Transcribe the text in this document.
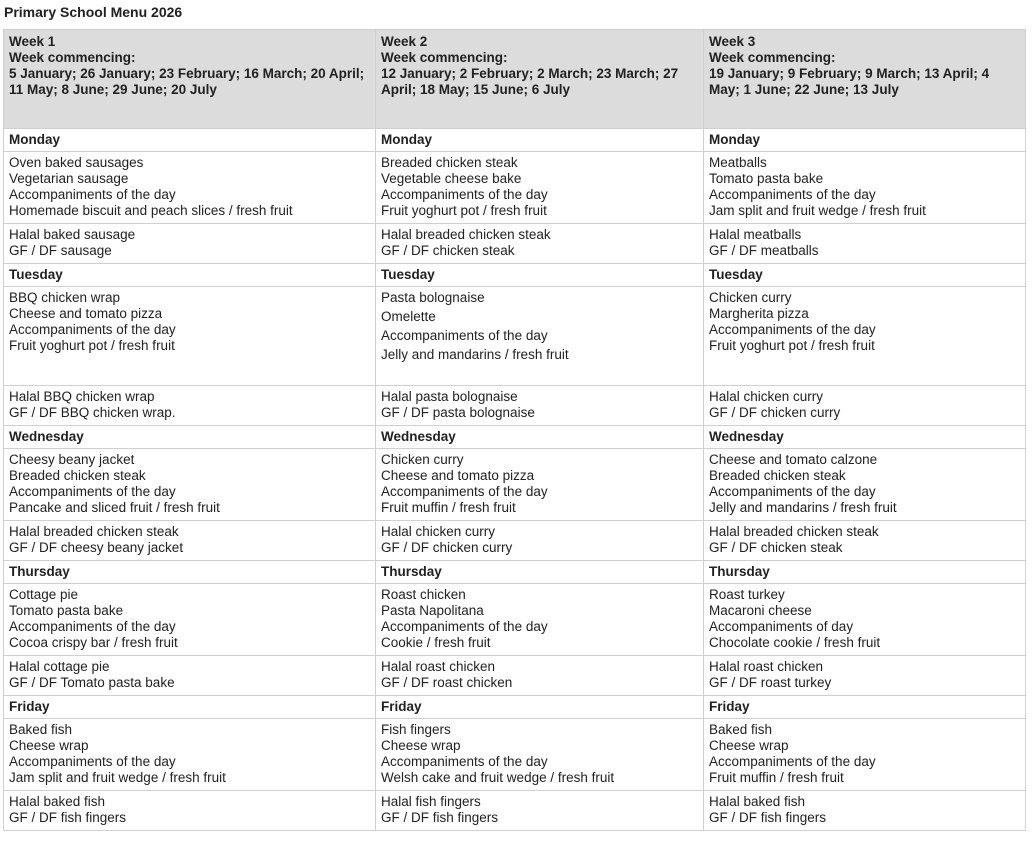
Primary School Menu 2026
Week 1
Week commencing:
5 January; 26 January; 23 February; 16 March; 20 April; 11 May; 8 June; 29 June; 20 July	Week 2
Week commencing:
12 January; 2 February; 2 March; 23 March; 27 April; 18 May; 15 June; 6 July	Week 3
Week commencing:
19 January; 9 February; 9 March; 13 April; 4 May; 1 June; 22 June; 13 July

Monday	Monday	Monday

Oven baked sausages
Vegetarian sausage
Accompaniments of the day
Homemade biscuit and peach slices / fresh fruit	Breaded chicken steak
Vegetable cheese bake
Accompaniments of the day
Fruit yoghurt pot / fresh fruit	Meatballs
Tomato pasta bake
Accompaniments of the day
Jam split and fruit wedge / fresh fruit

Halal baked sausage
GF / DF sausage	Halal breaded chicken steak
GF / DF chicken steak	Halal meatballs
GF / DF meatballs

Tuesday	Tuesday	Tuesday

BBQ chicken wrap
Cheese and tomato pizza
Accompaniments of the day
Fruit yoghurt pot / fresh fruit	Pasta bolognaise
Omelette
Accompaniments of the day
Jelly and mandarins / fresh fruit	Chicken curry
Margherita pizza
Accompaniments of the day
Fruit yoghurt pot / fresh fruit

Halal BBQ chicken wrap
GF / DF BBQ chicken wrap.	Halal pasta bolognaise
GF / DF pasta bolognaise	Halal chicken curry
GF / DF chicken curry

Wednesday	Wednesday	Wednesday

Cheesy beany jacket
Breaded chicken steak
Accompaniments of the day
Pancake and sliced fruit / fresh fruit	Chicken curry
Cheese and tomato pizza
Accompaniments of the day
Fruit muffin / fresh fruit	Cheese and tomato calzone
Breaded chicken steak
Accompaniments of the day
Jelly and mandarins / fresh fruit

Halal breaded chicken steak
GF / DF cheesy beany jacket	Halal chicken curry
GF / DF chicken curry	Halal breaded chicken steak
GF / DF chicken steak

Thursday	Thursday	Thursday

Cottage pie
Tomato pasta bake
Accompaniments of the day
Cocoa crispy bar / fresh fruit	Roast chicken
Pasta Napolitana
Accompaniments of the day
Cookie / fresh fruit	Roast turkey
Macaroni cheese
Accompaniments of day
Chocolate cookie / fresh fruit

Halal cottage pie
GF / DF Tomato pasta bake	Halal roast chicken
GF / DF roast chicken	Halal roast chicken
GF / DF roast turkey

Friday	Friday	Friday

Baked fish
Cheese wrap
Accompaniments of the day
Jam split and fruit wedge / fresh fruit	Fish fingers
Cheese wrap
Accompaniments of the day
Welsh cake and fruit wedge / fresh fruit	Baked fish
Cheese wrap
Accompaniments of the day
Fruit muffin / fresh fruit

Halal baked fish
GF / DF fish fingers	Halal fish fingers
GF / DF fish fingers	Halal baked fish
GF / DF fish fingers
